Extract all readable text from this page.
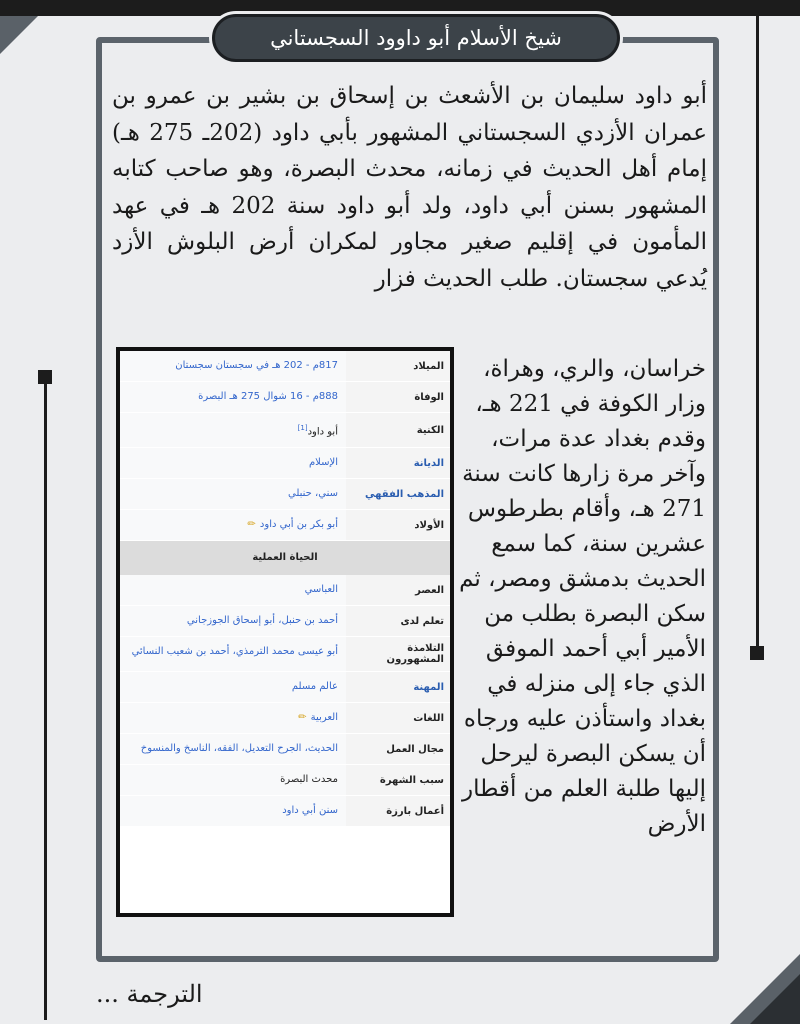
شيخ الأسلام أبو داوود السجستاني
أبو داود سليمان بن الأشعث بن إسحاق بن بشير بن عمرو بن عمران الأزدي السجستاني المشهور بأبي داود (202ـ 275 هـ) إمام أهل الحديث في زمانه، محدث البصرة، وهو صاحب كتابه المشهور بسنن أبي داود، ولد أبو داود سنة 202 هـ في عهد المأمون في إقليم صغير مجاور لمكران أرض البلوش الأزد يُدعي سجستان. طلب الحديث فزار
خراسان، والري، وهراة، وزار الكوفة في 221 هـ، وقدم بغداد عدة مرات، وآخر مرة زارها كانت سنة 271 هـ، وأقام بطرطوس عشرين سنة، كما سمع الحديث بدمشق ومصر، ثم سكن البصرة بطلب من الأمير أبي أحمد الموفق الذي جاء إلى منزله في بغداد واستأذن عليه ورجاه أن يسكن البصرة ليرحل إليها طلبة العلم من أقطار الأرض
الميلاد
817م - 202 هـ في سجستان سجستان
الوفاة
888م - 16 شوال 275 هـ البصرة
الكنية
أبو داود[1]
الديانة
الإسلام
المذهب الفقهي
سني، حنبلي
الأولاد
أبو بكر بن أبي داود✏
الحياة العملية
العصر
العباسي
تعلم لدى
أحمد بن حنبل، أبو إسحاق الجوزجاني
التلامذة المشهورون
أبو عيسى محمد الترمذي، أحمد بن شعيب النسائي
المهنة
عالم مسلم
اللغات
العربية✏
مجال العمل
الحديث، الجرح التعديل، الفقه، الناسخ والمنسوخ
سبب الشهرة
محدث البصرة
أعمال بارزة
سنن أبي داود
الترجمة ...
